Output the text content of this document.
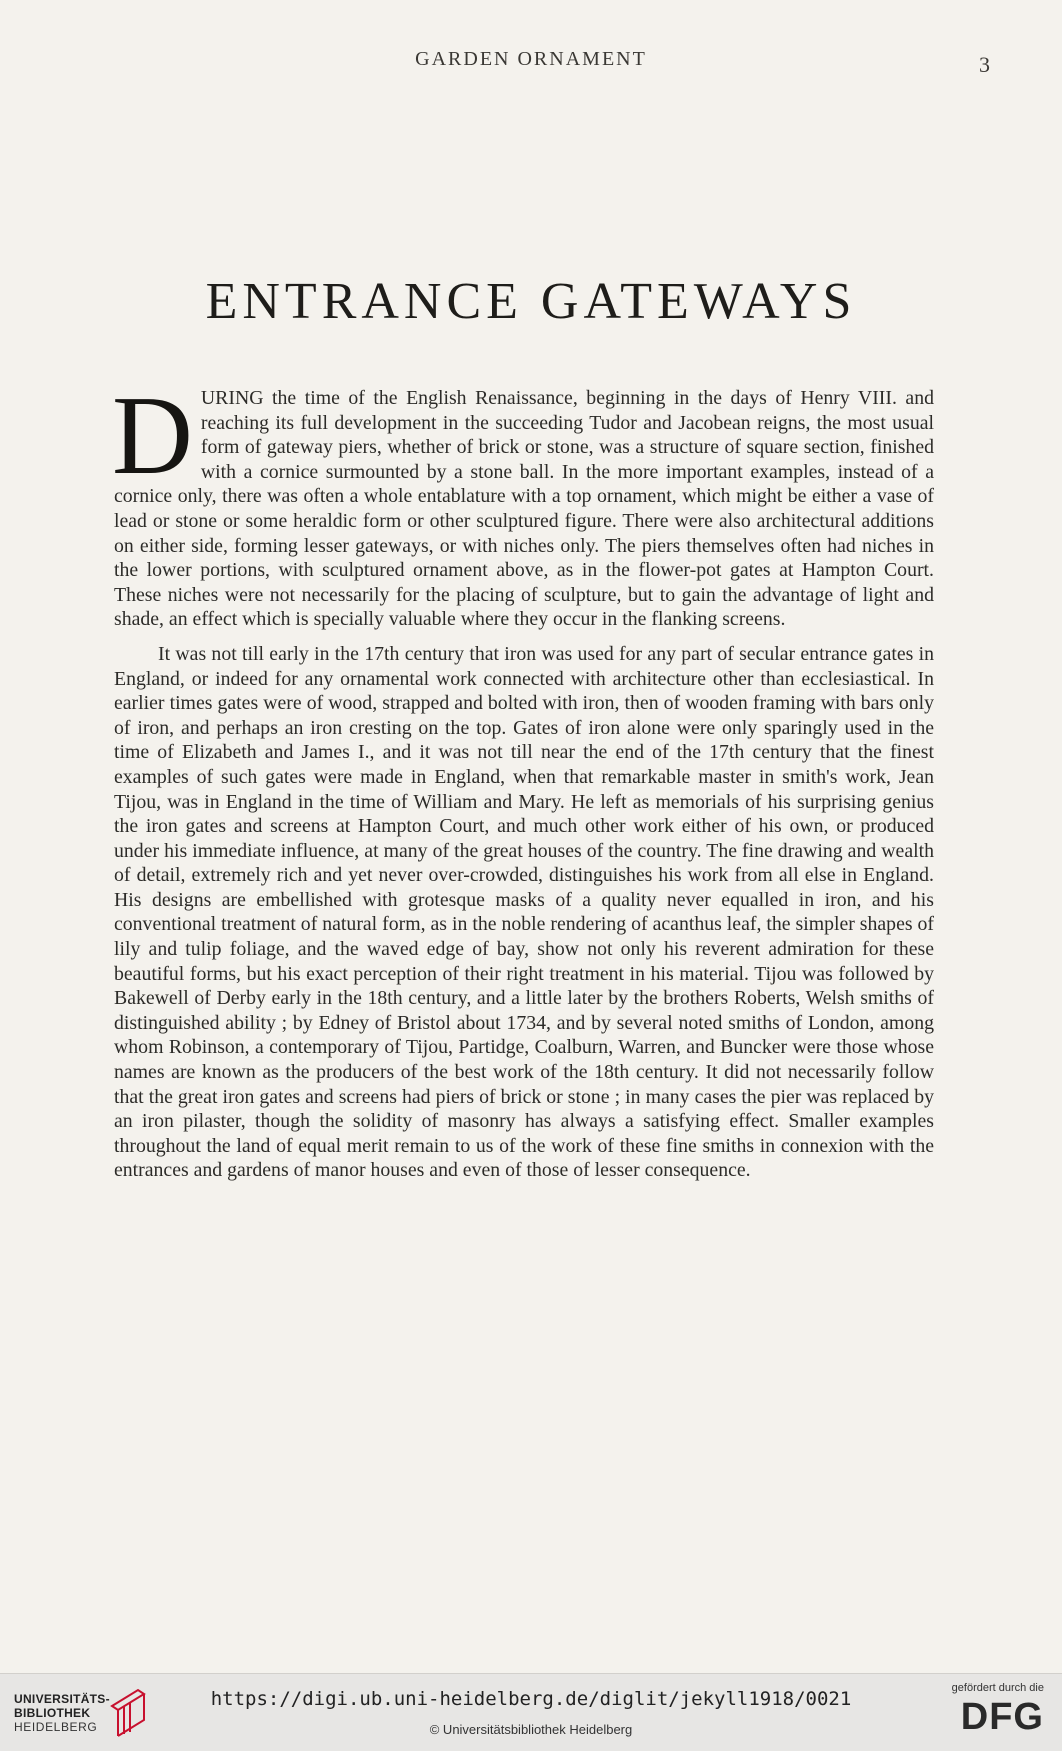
GARDEN ORNAMENT	3
ENTRANCE GATEWAYS

DURING the time of the English Renaissance, beginning in the days of Henry VIII. and reaching its full development in the succeeding Tudor and Jacobean reigns, the most usual form of gateway piers, whether of brick or stone, was a structure of square section, finished with a cornice surmounted by a stone ball. In the more important examples, instead of a cornice only, there was often a whole entablature with a top ornament, which might be either a vase of lead or stone or some heraldic form or other sculptured figure. There were also architectural additions on either side, forming lesser gateways, or with niches only. The piers themselves often had niches in the lower portions, with sculptured ornament above, as in the flower-pot gates at Hampton Court. These niches were not necessarily for the placing of sculpture, but to gain the advantage of light and shade, an effect which is specially valuable where they occur in the flanking screens.

It was not till early in the 17th century that iron was used for any part of secular entrance gates in England, or indeed for any ornamental work connected with architecture other than ecclesiastical. In earlier times gates were of wood, strapped and bolted with iron, then of wooden framing with bars only of iron, and perhaps an iron cresting on the top. Gates of iron alone were only sparingly used in the time of Elizabeth and James I., and it was not till near the end of the 17th century that the finest examples of such gates were made in England, when that remarkable master in smith's work, Jean Tijou, was in England in the time of William and Mary. He left as memorials of his surprising genius the iron gates and screens at Hampton Court, and much other work either of his own, or produced under his immediate influence, at many of the great houses of the country. The fine drawing and wealth of detail, extremely rich and yet never over-crowded, distinguishes his work from all else in England. His designs are embellished with grotesque masks of a quality never equalled in iron, and his conventional treatment of natural form, as in the noble rendering of acanthus leaf, the simpler shapes of lily and tulip foliage, and the waved edge of bay, show not only his reverent admiration for these beautiful forms, but his exact perception of their right treatment in his material. Tijou was followed by Bakewell of Derby early in the 18th century, and a little later by the brothers Roberts, Welsh smiths of distinguished ability ; by Edney of Bristol about 1734, and by several noted smiths of London, among whom Robinson, a contemporary of Tijou, Partidge, Coalburn, Warren, and Buncker were those whose names are known as the producers of the best work of the 18th century. It did not necessarily follow that the great iron gates and screens had piers of brick or stone ; in many cases the pier was replaced by an iron pilaster, though the solidity of masonry has always a satisfying effect. Smaller examples throughout the land of equal merit remain to us of the work of these fine smiths in connexion with the entrances and gardens of manor houses and even of those of lesser consequence.

UNIVERSITÄTS-
BIBLIOTHEK
HEIDELBERG
https://digi.ub.uni-heidelberg.de/diglit/jekyll1918/0021
© Universitätsbibliothek Heidelberg
gefördert durch die
DFG
